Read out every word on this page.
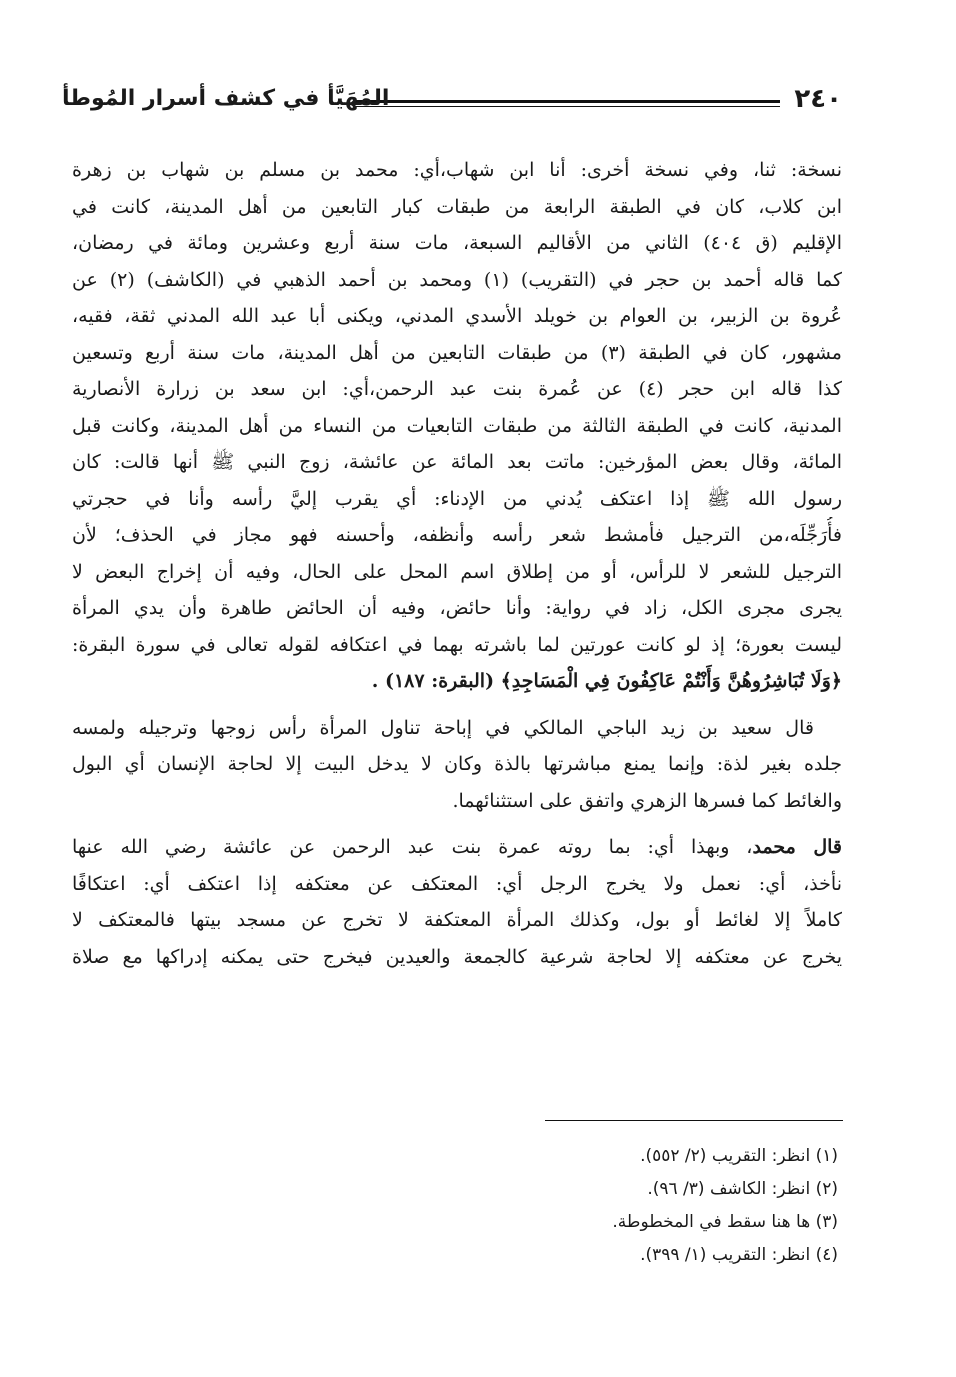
٢٤٠
المُهَيَّأ في كشف أسرار المُوطأ
نسخة: ثنا، وفي نسخة أخرى: أنا ابن شهاب،أي: محمد بن مسلم بن شهاب بن زهرة
ابن كلاب، كان في الطبقة الرابعة من طبقات كبار التابعين من أهل المدينة، كانت في
الإقليم (ق ٤٠٤) الثاني من الأقاليم السبعة، مات سنة أربع وعشرين ومائة في رمضان،
كما قاله أحمد بن حجر في (التقريب) (١) ومحمد بن أحمد الذهبي في (الكاشف) (٢) عن
عُروة بن الزبير، بن العوام بن خويلد الأسدي المدني، ويكنى أبا عبد الله المدني ثقة، فقيه،
مشهور، كان في الطبقة (٣) من طبقات التابعين من أهل المدينة، مات سنة أربع وتسعين
كذا قاله ابن حجر (٤) عن عُمرة بنت عبد الرحمن،أي: ابن سعد بن زرارة الأنصارية
المدنية، كانت في الطبقة الثالثة من طبقات التابعيات من النساء من أهل المدينة، وكانت قبل
المائة، وقال بعض المؤرخين: ماتت بعد المائة عن عائشة، زوج النبي ﷺ أنها قالت: كان
رسول الله ﷺ إذا اعتكف يُدني من الإدناء: أي يقرب إليَّ رأسه وأنا في حجرتي
فأُرَجِّلَه،من الترجيل فأمشط شعر رأسه وأنظفه، وأحسنه فهو مجاز في الحذف؛ لأن
الترجيل للشعر لا للرأس، أو من إطلاق اسم المحل على الحال، وفيه أن إخراج البعض لا
يجرى مجرى الكل، زاد في رواية: وأنا حائض، وفيه أن الحائض طاهرة وأن يدي المرأة
ليست بعورة؛ إذ لو كانت عورتين لما باشرته بهما في اعتكافه لقوله تعالى في سورة البقرة:
﴿وَلَا تُبَاشِرُوهُنَّ وَأَنْتُمْ عَاكِفُونَ فِي الْمَسَاجِدِ﴾ (البقرة: ١٨٧) .
قال سعيد بن زيد الباجي المالكي في إباحة تناول المرأة رأس زوجها وترجيله ولمسه
جلده بغير لذة: وإنما يمنع مباشرتها بالذة وكان لا يدخل البيت إلا لحاجة الإنسان أي البول
والغائط كما فسرها الزهري واتفق على استثنائهما.
قال محمد، وبهذا أي: بما روته عمرة بنت عبد الرحمن عن عائشة رضي الله عنها
نأخذ، أي: نعمل ولا يخرج الرجل أي: المعتكف عن معتكفه إذا اعتكف أي: اعتكافًا
كاملاً إلا لغائط أو بول، وكذلك المرأة المعتكفة لا تخرج عن مسجد بيتها فالمعتكف لا
يخرج عن معتكفه إلا لحاجة شرعية كالجمعة والعيدين فيخرج حتى يمكنه إدراكها مع صلاة
(١) انظر: التقريب (٢/ ٥٥٢).
(٢) انظر: الكاشف (٣/ ٩٦).
(٣) ها هنا سقط في المخطوطة.
(٤) انظر: التقريب (١/ ٣٩٩).
